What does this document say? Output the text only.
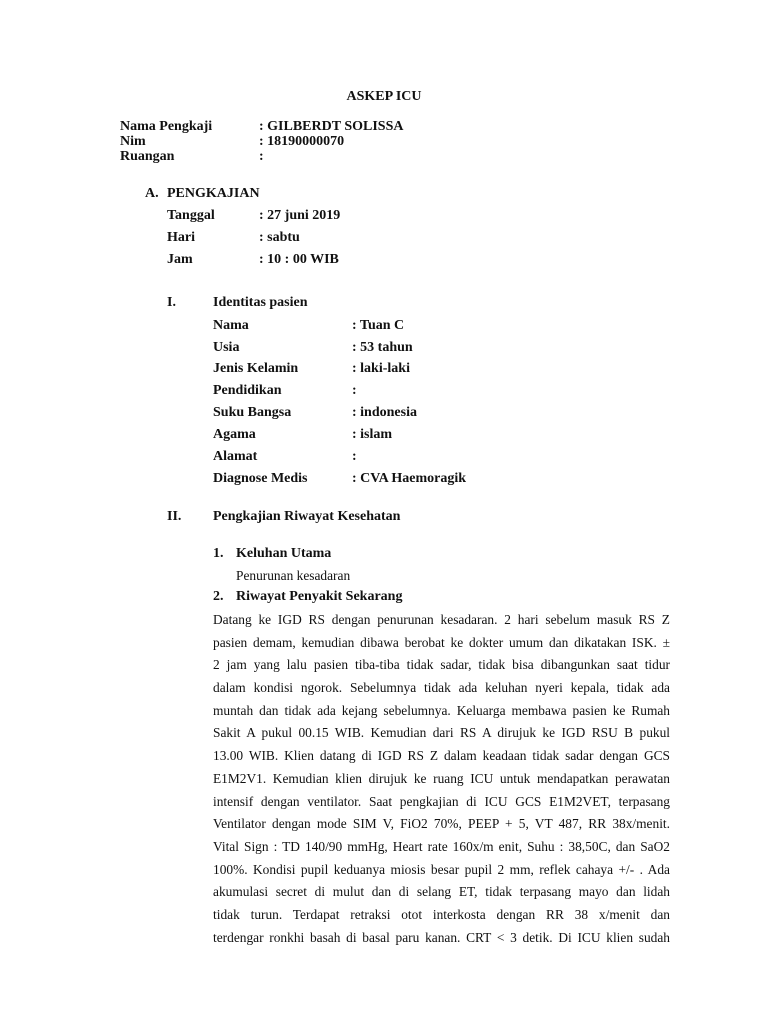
ASKEP ICU
Nama Pengkaji	: GILBERDT SOLISSA
Nim	: 18190000070
Ruangan	:
A. PENGKAJIAN
Tanggal	: 27 juni 2019
Hari	: sabtu
Jam	: 10 : 00 WIB
I.	Identitas pasien
Nama	: Tuan C
Usia	: 53 tahun
Jenis Kelamin	: laki-laki
Pendidikan	:
Suku Bangsa	: indonesia
Agama	: islam
Alamat	:
Diagnose Medis	: CVA Haemoragik
II. Pengkajian Riwayat Kesehatan
1. Keluhan Utama
Penurunan kesadaran
2. Riwayat Penyakit Sekarang
Datang ke IGD RS dengan penurunan kesadaran. 2 hari sebelum masuk RS Z
pasien demam, kemudian dibawa berobat ke dokter umum dan dikatakan ISK. ±
2 jam yang lalu pasien tiba-tiba tidak sadar, tidak bisa dibangunkan saat tidur
dalam kondisi ngorok. Sebelumnya tidak ada keluhan nyeri kepala, tidak ada
muntah dan tidak ada kejang sebelumnya. Keluarga membawa pasien ke Rumah
Sakit A pukul 00.15 WIB. Kemudian dari RS A dirujuk ke IGD RSU B pukul
13.00 WIB. Klien datang di IGD RS Z dalam keadaan tidak sadar dengan GCS
E1M2V1. Kemudian klien dirujuk ke ruang ICU untuk mendapatkan perawatan
intensif dengan ventilator. Saat pengkajian di ICU GCS E1M2VET, terpasang
Ventilator dengan mode SIM V, FiO2 70%, PEEP + 5, VT 487, RR 38x/menit.
Vital Sign : TD 140/90 mmHg, Heart rate 160x/m enit, Suhu : 38,50C, dan SaO2
100%. Kondisi pupil keduanya miosis besar pupil 2 mm, reflek cahaya +/- . Ada
akumulasi secret di mulut dan di selang ET, tidak terpasang mayo dan lidah
tidak turun. Terdapat retraksi otot interkosta dengan RR 38 x/menit dan
terdengar ronkhi basah di basal paru kanan. CRT < 3 detik. Di ICU klien sudah
